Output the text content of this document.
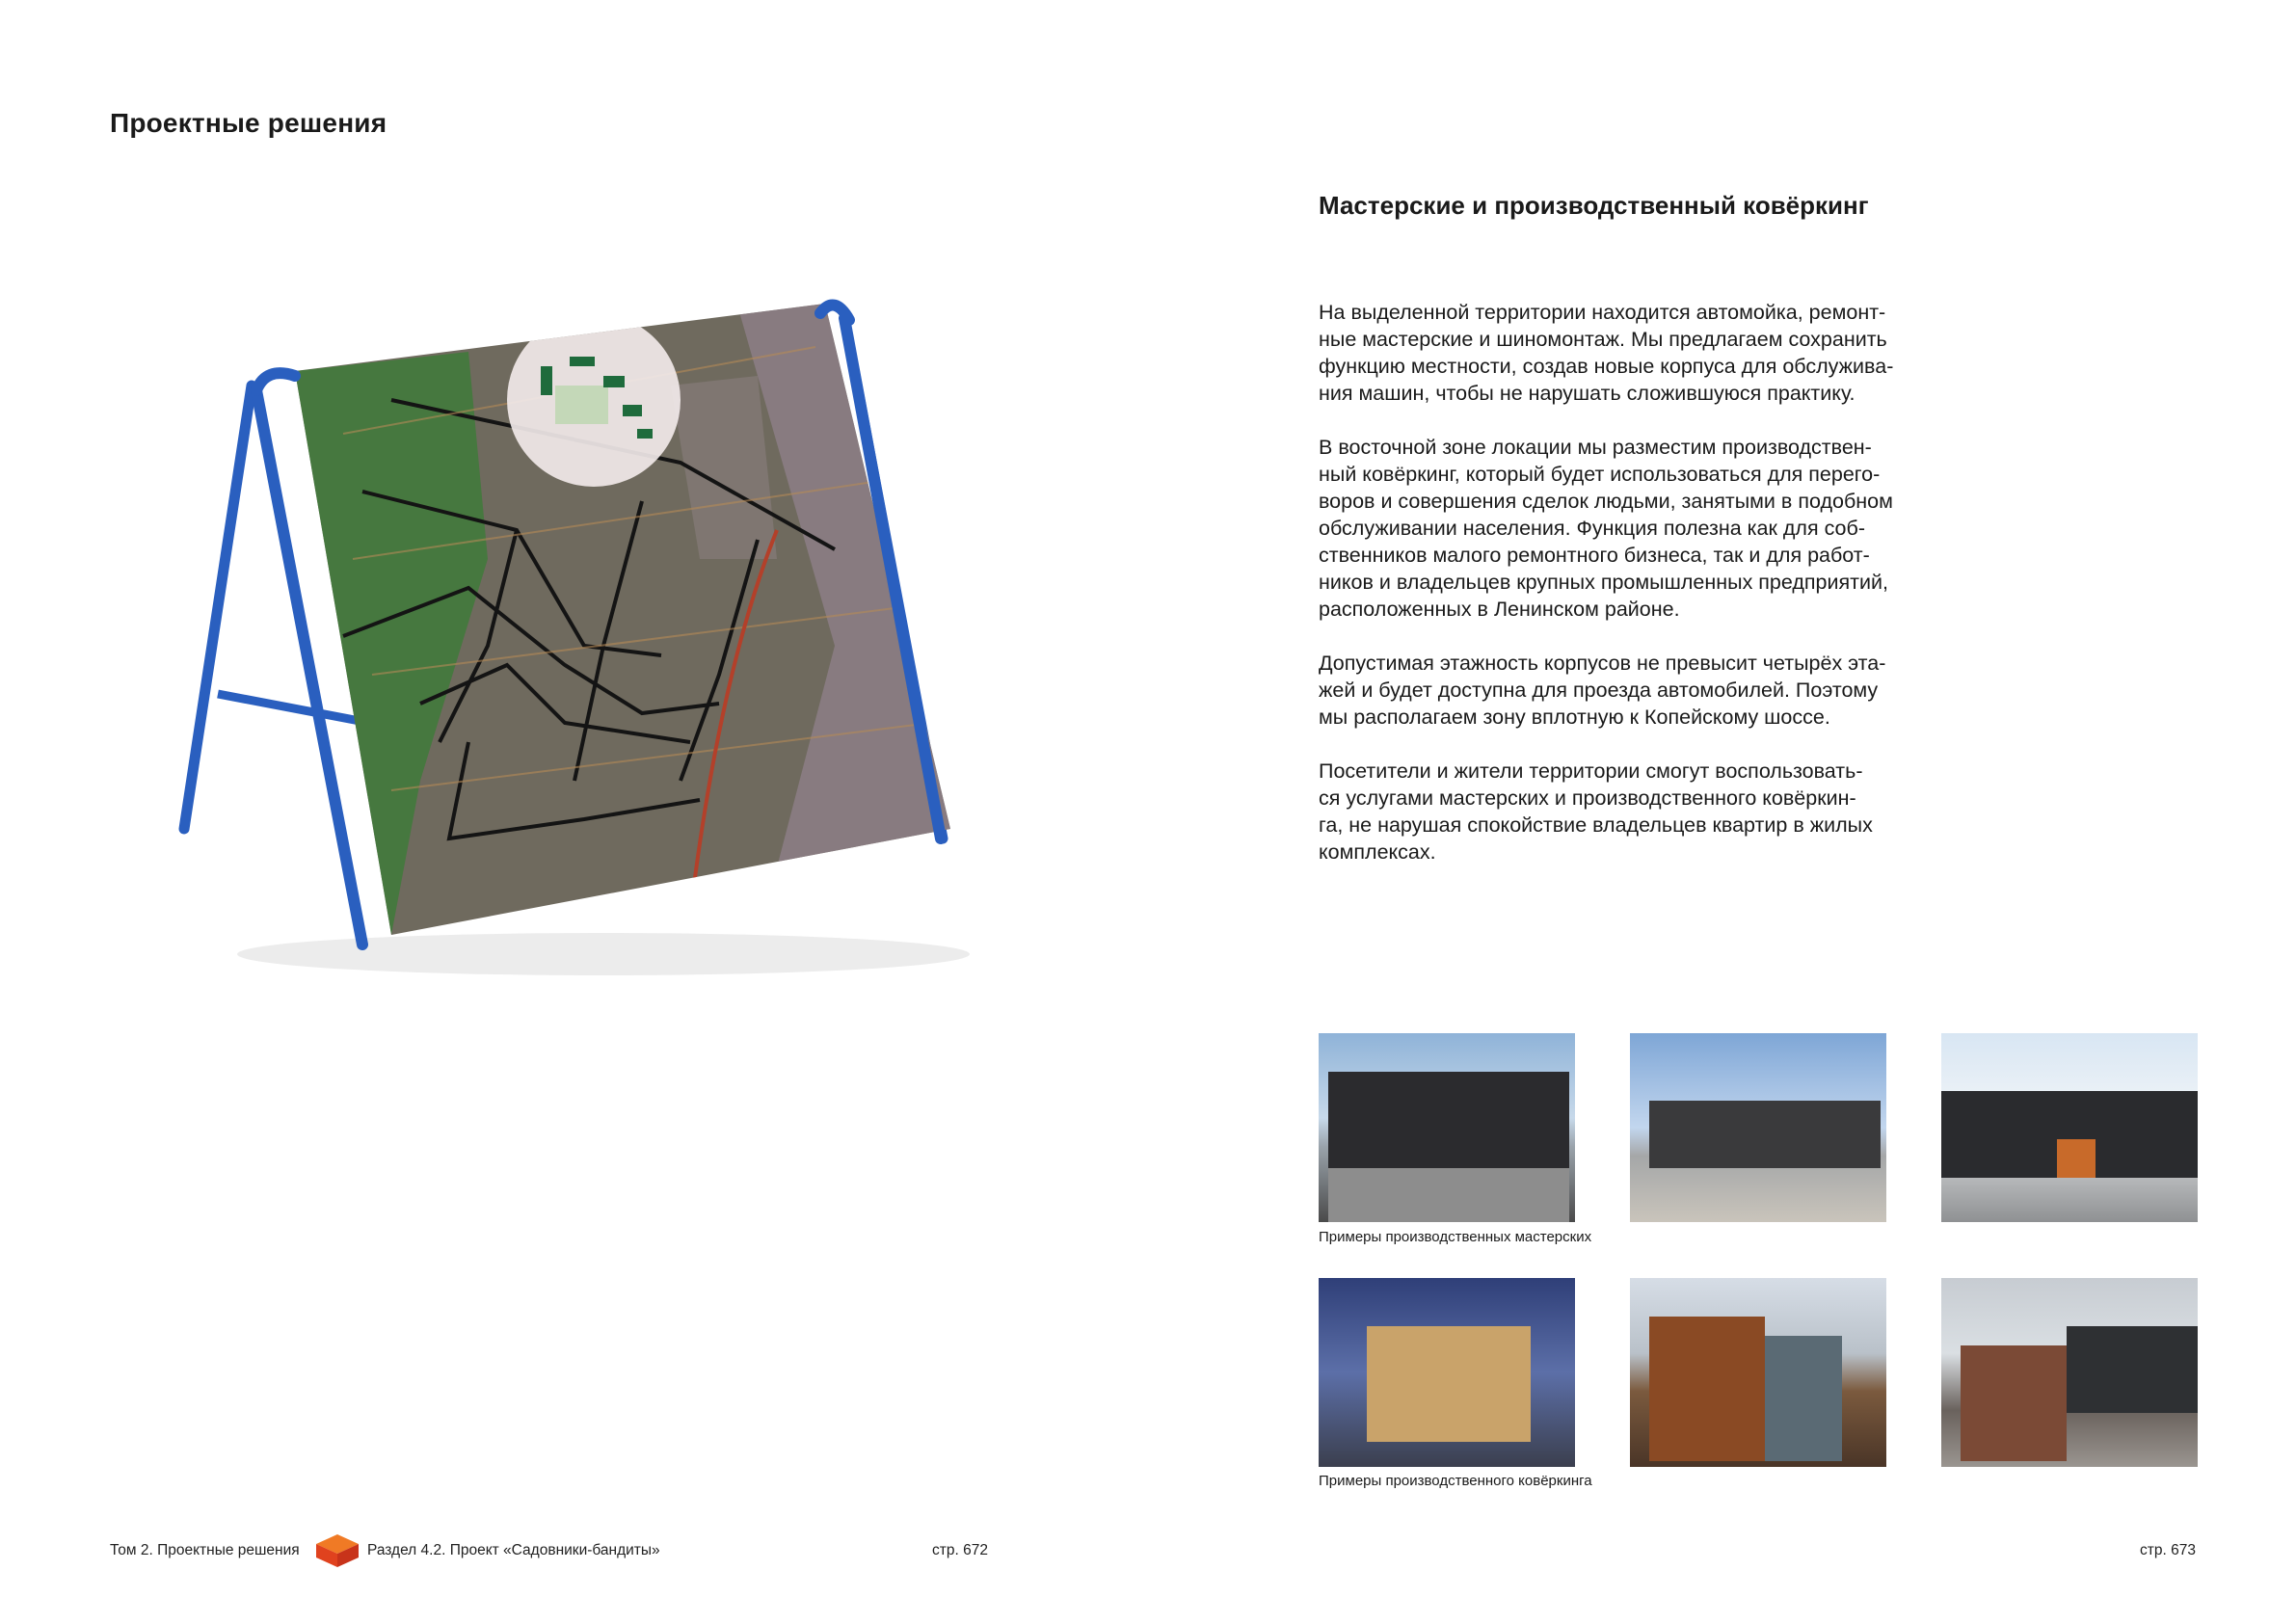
Проектные решения
Мастерские и производственный ковёркинг

На выделенной территории находится автомойка, ремонт-
ные мастерские и шиномонтаж. Мы предлагаем сохранить
функцию местности, создав новые корпуса для обслужива-
ния машин, чтобы не нарушать сложившуюся практику.

В восточной зоне локации мы разместим производствен-
ный ковёркинг, который будет использоваться для перего-
воров и совершения сделок людьми, занятыми в подобном
обслуживании населения. Функция полезна как для соб-
ственников малого ремонтного бизнеса, так и для работ-
ников и владельцев крупных промышленных предприятий,
расположенных в Ленинском районе.

Допустимая этажность корпусов не превысит четырёх эта-
жей и будет доступна для проезда автомобилей. Поэтому
мы располагаем зону вплотную к Копейскому шоссе.

Посетители и жители территории смогут воспользовать-
ся услугами мастерских и производственного ковёркин-
га, не нарушая спокойствие владельцев квартир в жилых
комплексах.

Примеры производственных мастерских
Примеры производственного ковёркинга
Том 2. Проектные решения	Раздел 4.2. Проект «Садовники-бандиты»	стр. 672	стр. 673
